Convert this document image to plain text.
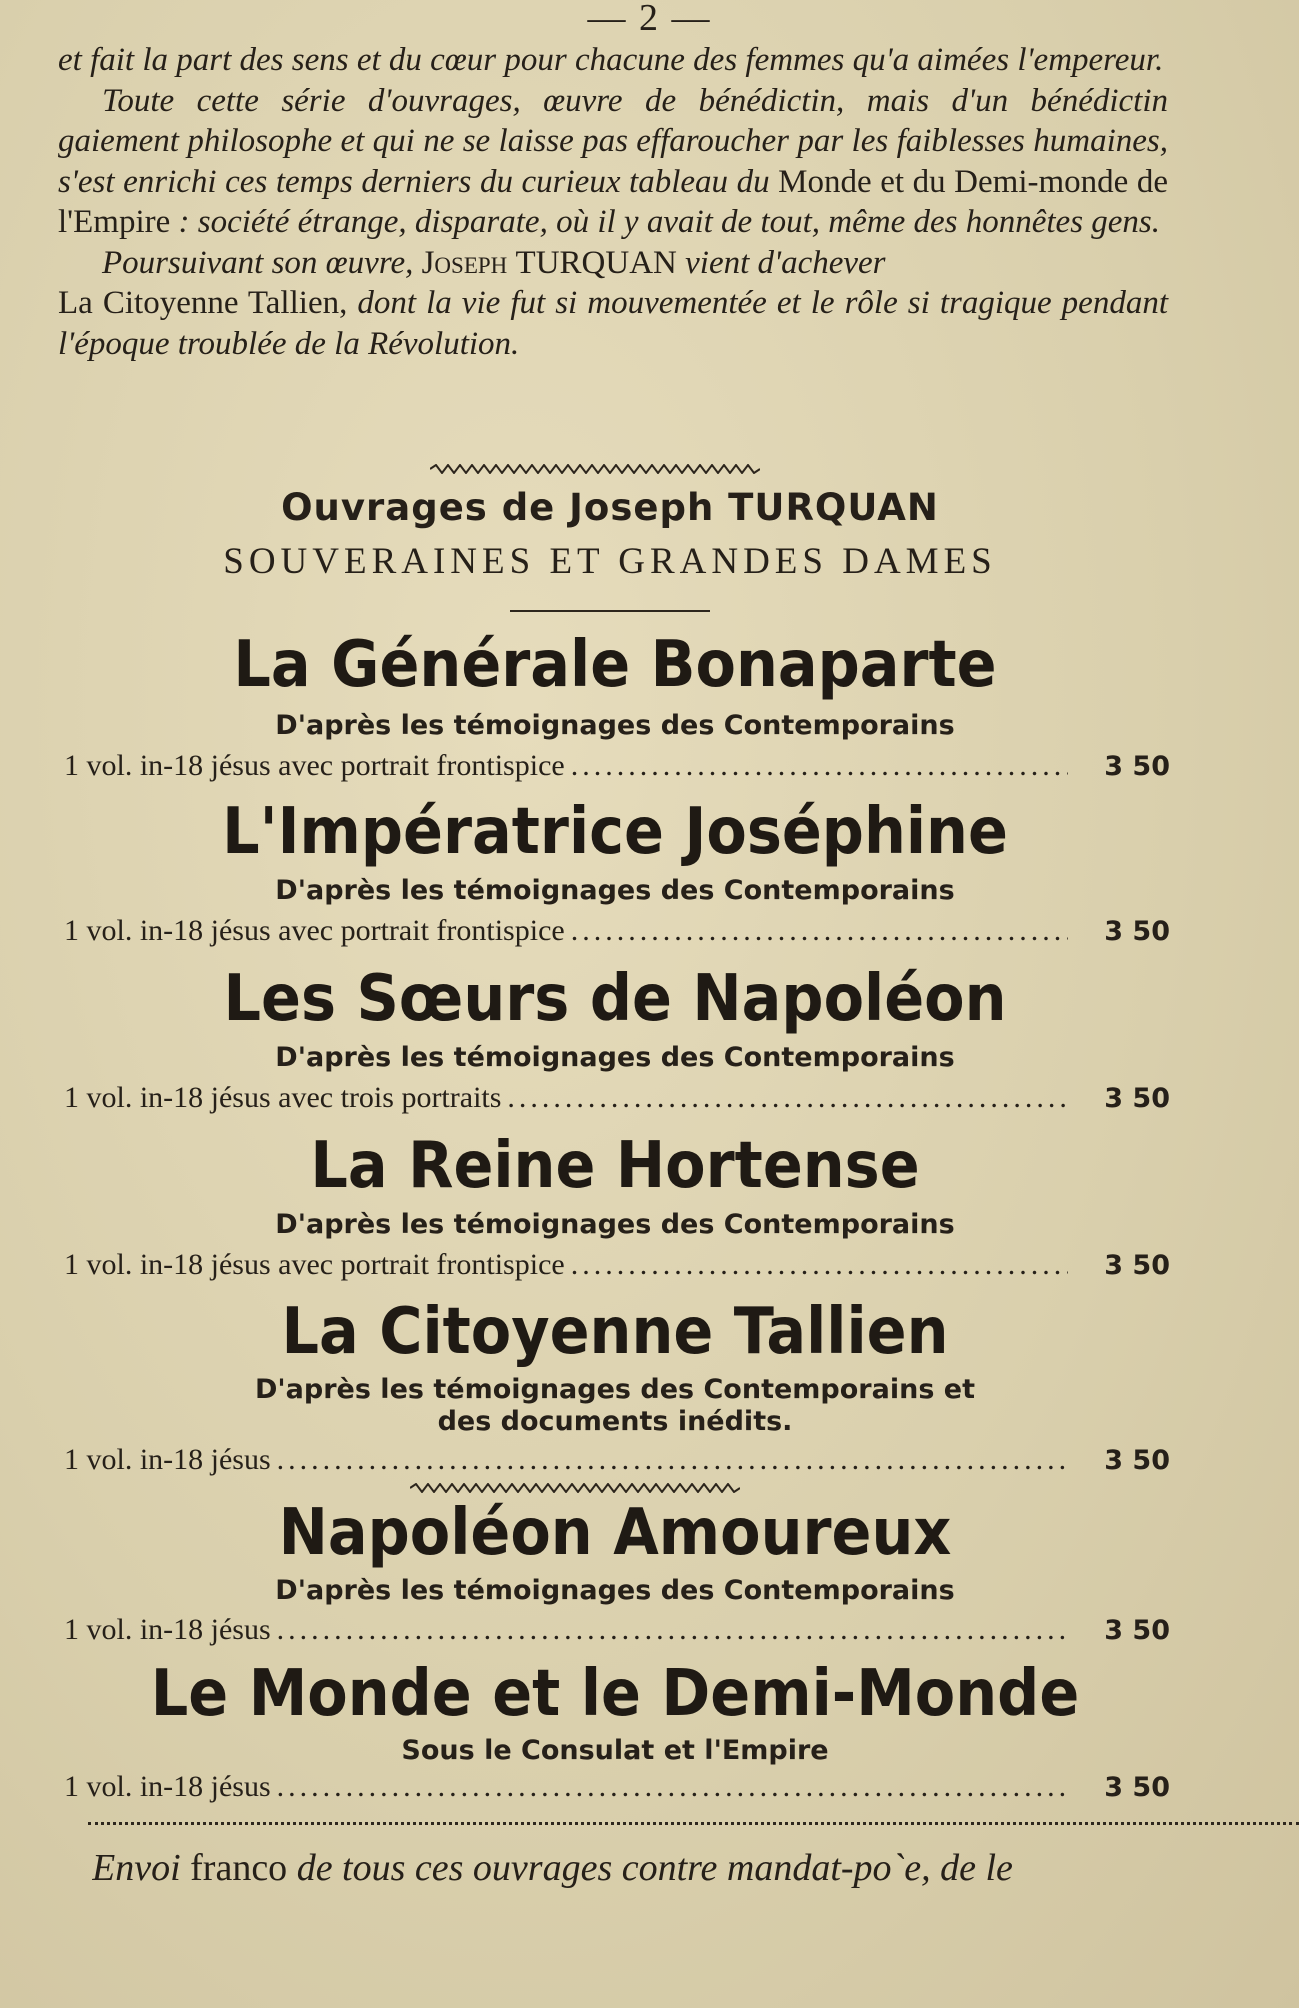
— 2 —

et fait la part des sens et du cœur pour chacune des femmes qu'a aimées l'empereur.

Toute cette série d'ouvrages, œuvre de bénédictin, mais d'un bénédictin gaiement philosophe et qui ne se laisse pas effaroucher par les faiblesses humaines, s'est enrichi ces temps derniers du curieux tableau du Monde et du Demi-monde de l'Empire : société étrange, disparate, où il y avait de tout, même des honnêtes gens.

Poursuivant son œuvre, Joseph TURQUAN vient d'achever
La Citoyenne Tallien, dont la vie fut si mouvementée et le rôle si tragique pendant l'époque troublée de la Révolution.

Ouvrages de Joseph TURQUAN
SOUVERAINES ET GRANDES DAMES
La Générale Bonaparte
D'après les témoignages des Contemporains
1 vol. in-18 jésus avec portrait frontispice .....	3 50
L'Impératrice Joséphine
D'après les témoignages des Contemporains
1 vol. in-18 jésus avec portrait frontispice .....	3 50
Les Sœurs de Napoléon
D'après les témoignages des Contemporains
1 vol. in-18 jésus avec trois portraits .....	3 50
La Reine Hortense
D'après les témoignages des Contemporains
1 vol. in-18 jésus avec portrait frontispice .....	3 50
La Citoyenne Tallien
D'après les témoignages des Contemporains et
des documents inédits.
1 vol. in-18 jésus .....	3 50
Napoléon Amoureux
D'après les témoignages des Contemporains
1 vol. in-18 jésus .....	3 50
Le Monde et le Demi-Monde
Sous le Consulat et l'Empire
1 vol. in-18 jésus .....	3 50
Envoi franco de tous ces ouvrages contre mandat-po`e, de le
